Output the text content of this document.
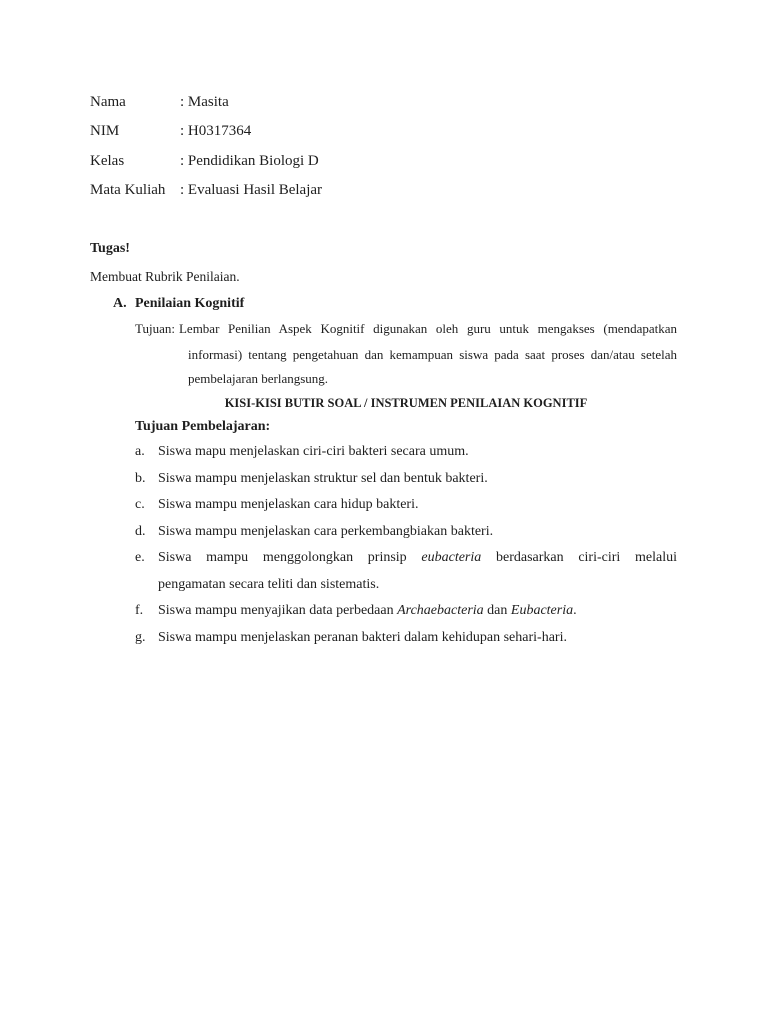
Nama	: Masita
NIM	: H0317364
Kelas	: Pendidikan Biologi D
Mata Kuliah : Evaluasi Hasil Belajar
Tugas!
Membuat Rubrik Penilaian.
A. Penilaian Kognitif
Tujuan: Lembar Penilian Aspek Kognitif digunakan oleh guru untuk mengakses (mendapatkan
informasi) tentang pengetahuan dan kemampuan siswa pada saat proses dan/atau setelah
pembelajaran berlangsung.
KISI-KISI BUTIR SOAL / INSTRUMEN PENILAIAN KOGNITIF
Tujuan Pembelajaran:
a. Siswa mapu menjelaskan ciri-ciri bakteri secara umum.
b. Siswa mampu menjelaskan struktur sel dan bentuk bakteri.
c. Siswa mampu menjelaskan cara hidup bakteri.
d. Siswa mampu menjelaskan cara perkembangbiakan bakteri.
e. Siswa mampu menggolongkan prinsip eubacteria berdasarkan ciri-ciri melalui
pengamatan secara teliti dan sistematis.
f. Siswa mampu menyajikan data perbedaan Archaebacteria dan Eubacteria.
g. Siswa mampu menjelaskan peranan bakteri dalam kehidupan sehari-hari.
